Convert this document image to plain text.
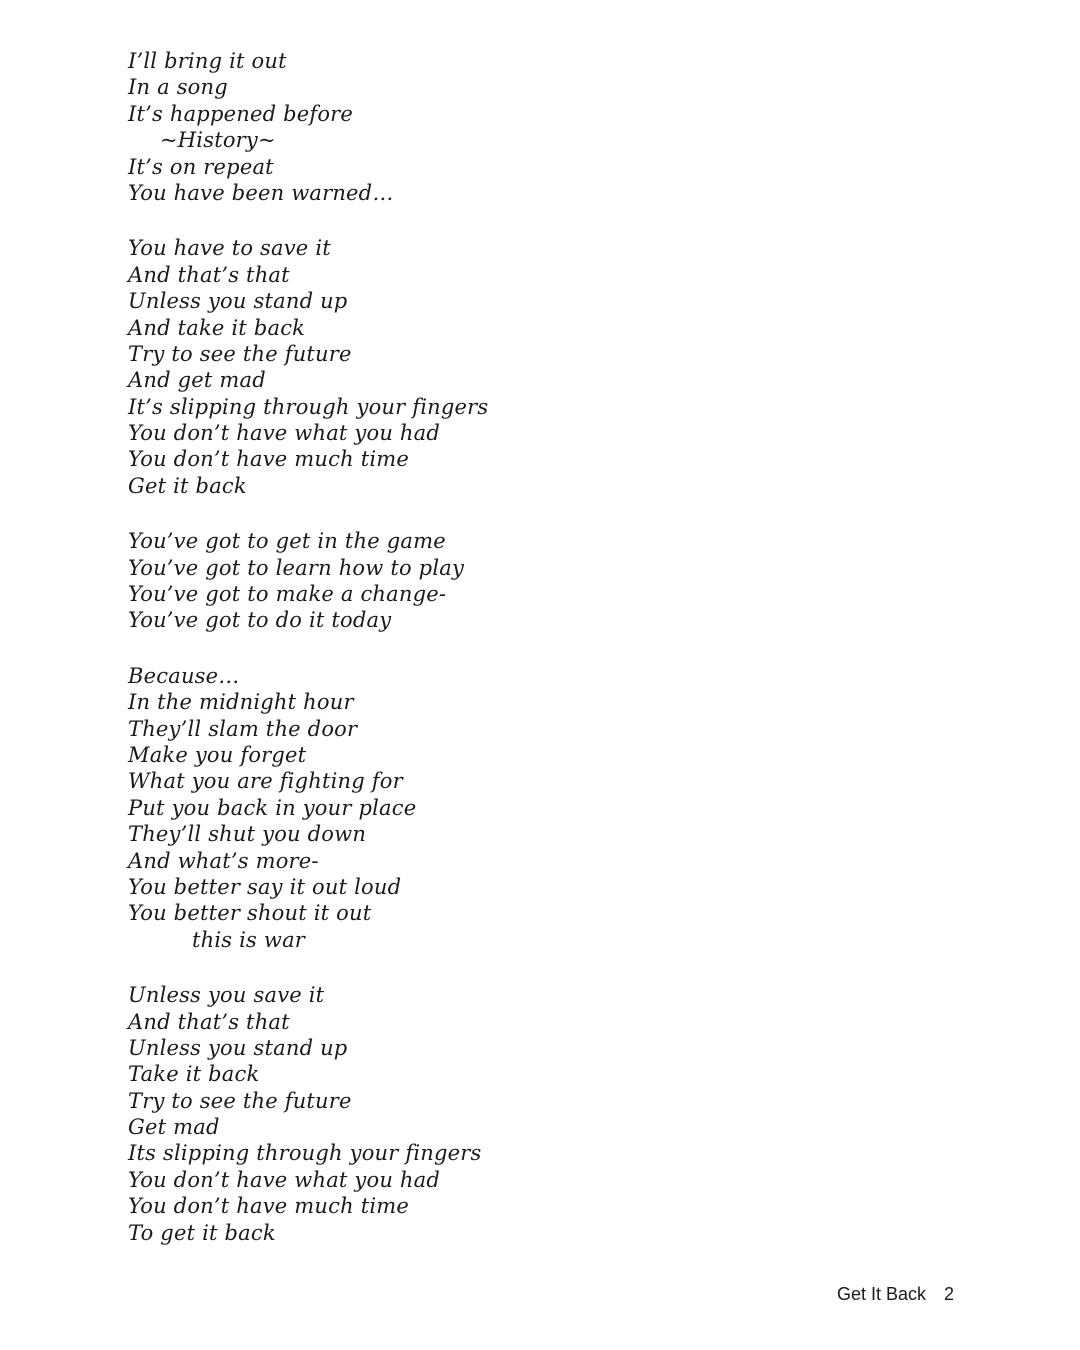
I’ll bring it out
In a song
It’s happened before
~History~
It’s on repeat
You have been warned…
You have to save it
And that’s that
Unless you stand up
And take it back
Try to see the future
And get mad
It’s slipping through your fingers
You don’t have what you had
You don’t have much time
Get it back
You’ve got to get in the game
You’ve got to learn how to play
You’ve got to make a change-
You’ve got to do it today
Because…
In the midnight hour
They’ll slam the door
Make you forget
What you are fighting for
Put you back in your place
They’ll shut you down
And what’s more-
You better say it out loud
You better shout it out
this is war
Unless you save it
And that’s that
Unless you stand up
Take it back
Try to see the future
Get mad
Its slipping through your fingers
You don’t have what you had
You don’t have much time
To get it back
Get It Back 2
